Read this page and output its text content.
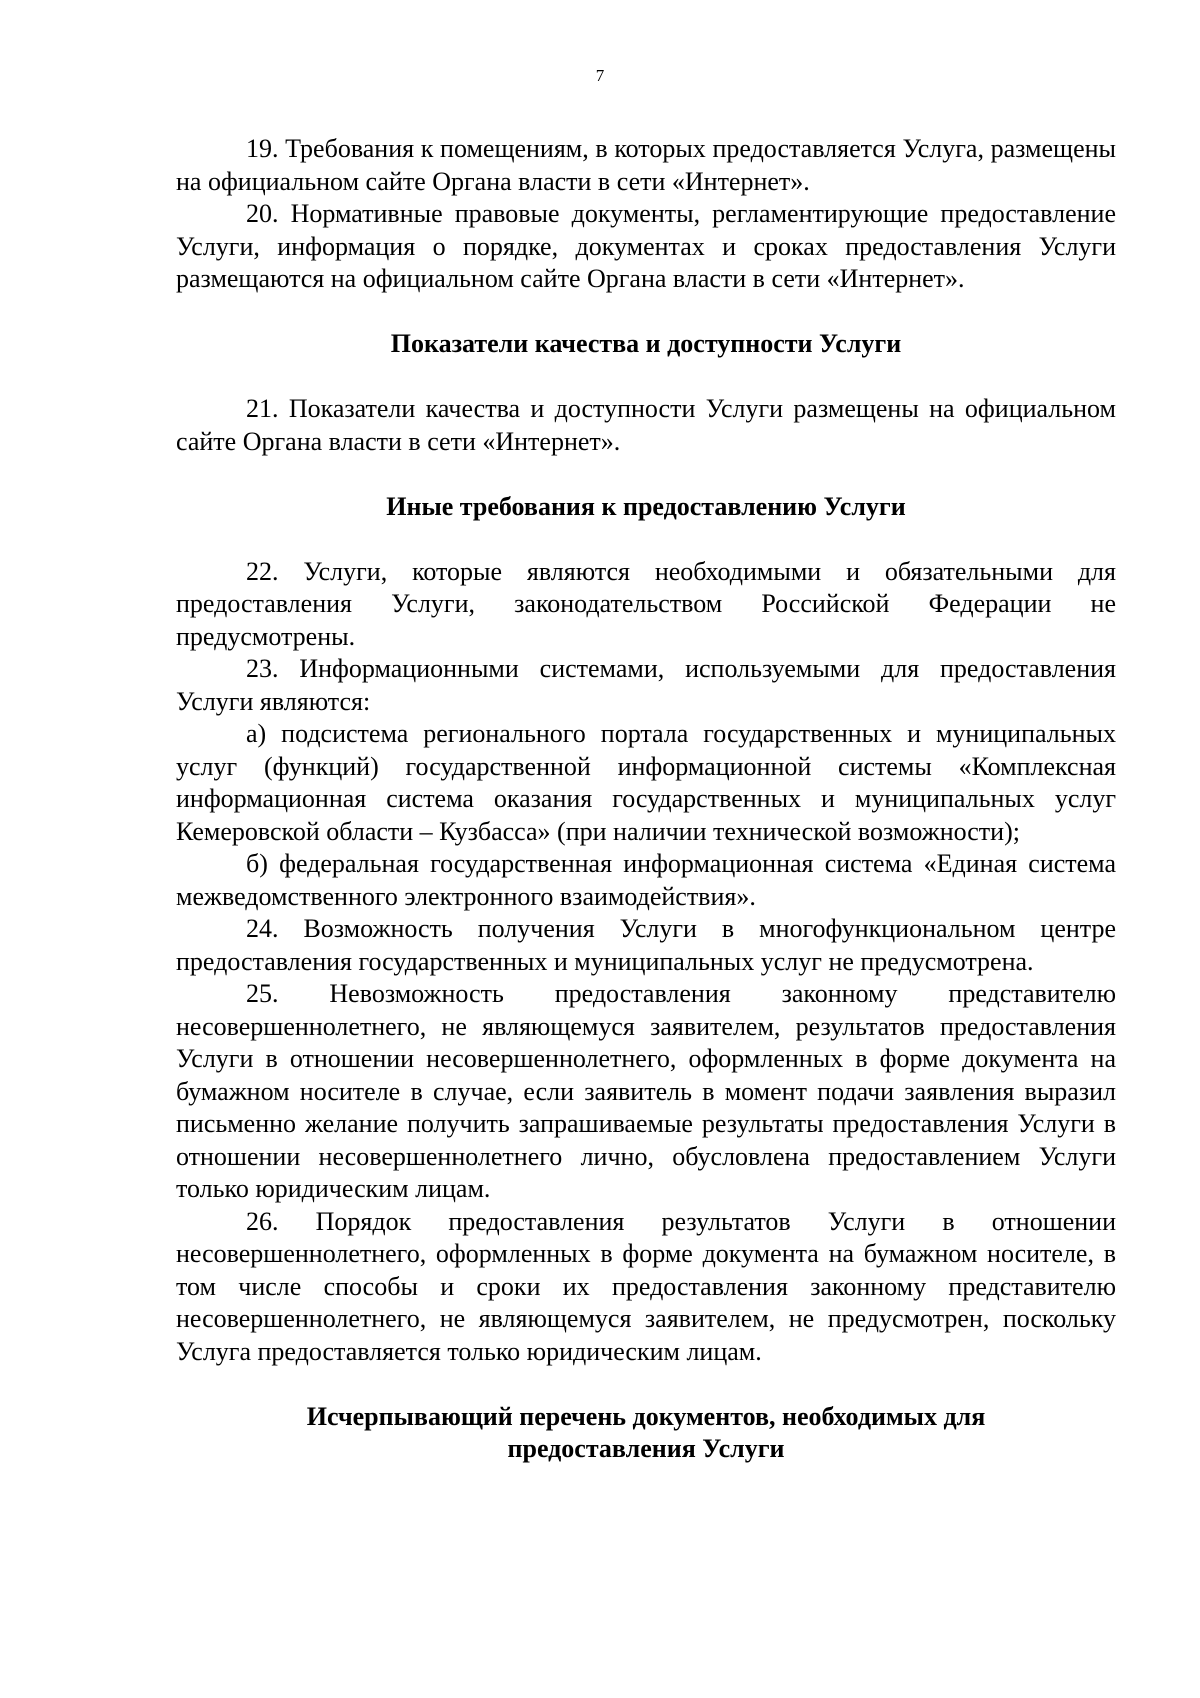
7

19. Требования к помещениям, в которых предоставляется Услуга, размещены на официальном сайте Органа власти в сети «Интернет».

20. Нормативные правовые документы, регламентирующие предоставление Услуги, информация о порядке, документах и сроках предоставления Услуги размещаются на официальном сайте Органа власти в сети «Интернет».

Показатели качества и доступности Услуги

21. Показатели качества и доступности Услуги размещены на официальном сайте Органа власти в сети «Интернет».

Иные требования к предоставлению Услуги

22. Услуги, которые являются необходимыми и обязательными для предоставления Услуги, законодательством Российской Федерации не предусмотрены.

23. Информационными системами, используемыми для предоставления Услуги являются:

а) подсистема регионального портала государственных и муниципальных услуг (функций) государственной информационной системы «Комплексная информационная система оказания государственных и муниципальных услуг Кемеровской области – Кузбасса» (при наличии технической возможности);

б) федеральная государственная информационная система «Единая система межведомственного электронного взаимодействия».

24. Возможность получения Услуги в многофункциональном центре предоставления государственных и муниципальных услуг не предусмотрена.

25. Невозможность предоставления законному представителю несовершеннолетнего, не являющемуся заявителем, результатов предоставления Услуги в отношении несовершеннолетнего, оформленных в форме документа на бумажном носителе в случае, если заявитель в момент подачи заявления выразил письменно желание получить запрашиваемые результаты предоставления Услуги в отношении несовершеннолетнего лично, обусловлена предоставлением Услуги только юридическим лицам.

26. Порядок предоставления результатов Услуги в отношении несовершеннолетнего, оформленных в форме документа на бумажном носителе, в том числе способы и сроки их предоставления законному представителю несовершеннолетнего, не являющемуся заявителем, не предусмотрен, поскольку Услуга предоставляется только юридическим лицам.

Исчерпывающий перечень документов, необходимых для
предоставления Услуги
